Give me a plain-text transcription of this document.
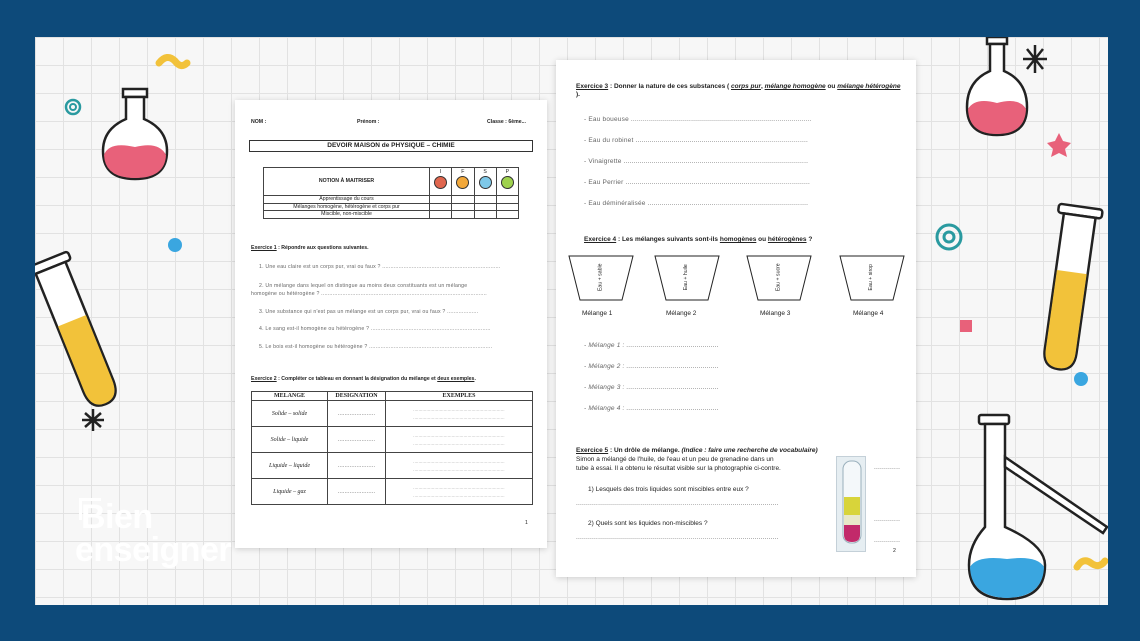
NOM :	Prénom :	Classe : 6ème...
DEVOIR MAISON de PHYSIQUE – CHIMIE
NOTION À MAITRISER	I	F	S	P

Apprentissage du cours				
Mélanges homogène, hétérogène et corps pur				
Miscible, non-miscible				
Exercice 1 : Répondre aux questions suivantes.
1. Une eau claire est un corps pur, vrai ou faux ? ........................................................................
2. Un mélange dans lequel on distingue au moins deux constituants est un mélange
homogène ou hétérogène ? .....................................................................................................
3. Une substance qui n'est pas un mélange est un corps pur, vrai ou faux ? ...................
4. Le sang est-il homogène ou hétérogène ? .........................................................................
5. Le bois est-il homogène ou hétérogène ? ...........................................................................
Exercice 2 : Compléter ce tableau en donnant la désignation du mélange et deux exemples.
MELANGE	DESIGNATION	EXEMPLES
Solide – solide	......................	.....................................................................
.....................................................................

Solide – liquide	......................	.....................................................................
.....................................................................

Liquide – liquide	......................	.....................................................................
.....................................................................

Liquide – gaz	......................	.....................................................................
.....................................................................
1
Exercice 3 : Donner la nature de ces substances ( corps pur, mélange homogène ou mélange hétérogène ).
- Eau boueuse ..........................................................................................
- Eau du robinet ......................................................................................
- Vinaigrette ............................................................................................
- Eau Perrier ............................................................................................
- Eau déminéralisée ................................................................................
Exercice 4 : Les mélanges suivants sont-ils homogènes ou hétérogènes ?
Eau + sable	Eau + huile	Eau + sucre	Eau + sirop
Mélange 1	Mélange 2	Mélange 3	Mélange 4
- Mélange 1 : ..............................................
- Mélange 2 : ..............................................
- Mélange 3 : ..............................................
- Mélange 4 : ..............................................
Exercice 5 : Un drôle de mélange. (Indice : faire une recherche de vocabulaire)
Simon a mélangé de l'huile, de l'eau et un peu de grenadine dans un
tube à essai. Il a obtenu le résultat visible sur la photographie ci-contre.
1) Lesquels des trois liquides sont miscibles entre eux ?
.....................................................................................................
2) Quels sont les liquides non-miscibles ?
.....................................................................................................
.............
.............
.............
2
Bien
enseigner
